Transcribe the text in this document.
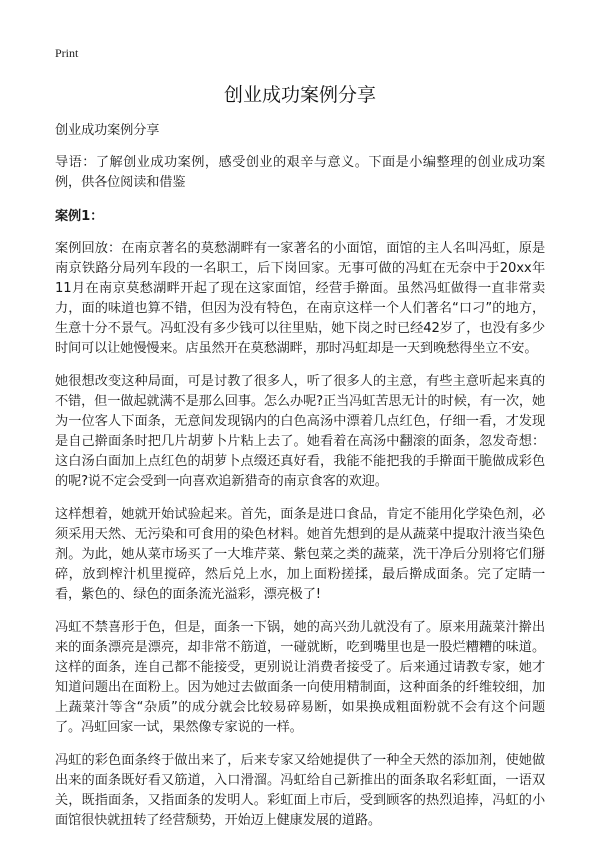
Print
创业成功案例分享

创业成功案例分享

导语：了解创业成功案例，感受创业的艰辛与意义。下面是小编整理的创业成功案例，供各位阅读和借鉴

案例1：

案例回放：在南京著名的莫愁湖畔有一家著名的小面馆，面馆的主人名叫冯虹，原是南京铁路分局列车段的一名职工，后下岗回家。无事可做的冯虹在无奈中于20xx年11月在南京莫愁湖畔开起了现在这家面馆，经营手擀面。虽然冯虹做得一直非常卖力，面的味道也算不错，但因为没有特色，在南京这样一个人们著名“口刁”的地方，生意十分不景气。冯虹没有多少钱可以往里贴，她下岗之时已经42岁了，也没有多少时间可以让她慢慢来。店虽然开在莫愁湖畔，那时冯虹却是一天到晚愁得坐立不安。

她很想改变这种局面，可是讨教了很多人，听了很多人的主意，有些主意听起来真的不错，但一做起就满不是那么回事。怎么办呢?正当冯虹苦思无计的时候，有一次，她为一位客人下面条，无意间发现锅内的白色高汤中漂着几点红色，仔细一看，才发现是自己擀面条时把几片胡萝卜片粘上去了。她看着在高汤中翻滚的面条，忽发奇想：这白汤白面加上点红色的胡萝卜点缀还真好看，我能不能把我的手擀面干脆做成彩色的呢?说不定会受到一向喜欢追新猎奇的南京食客的欢迎。

这样想着，她就开始试验起来。首先，面条是进口食品，肯定不能用化学染色剂，必须采用天然、无污染和可食用的染色材料。她首先想到的是从蔬菜中提取汁液当染色剂。为此，她从菜市场买了一大堆芹菜、紫包菜之类的蔬菜，洗干净后分别将它们掰碎，放到榨汁机里搅碎，然后兑上水，加上面粉搓揉，最后擀成面条。完了定睛一看，紫色的、绿色的面条流光溢彩，漂亮极了!

冯虹不禁喜形于色，但是，面条一下锅，她的高兴劲儿就没有了。原来用蔬菜汁擀出来的面条漂亮是漂亮，却非常不筋道，一碰就断，吃到嘴里也是一股烂糟糟的味道。这样的面条，连自己都不能接受，更别说让消费者接受了。后来通过请教专家，她才知道问题出在面粉上。因为她过去做面条一向使用精制面，这种面条的纤维较细，加上蔬菜汁等含“杂质”的成分就会比较易碎易断，如果换成粗面粉就不会有这个问题了。冯虹回家一试，果然像专家说的一样。

冯虹的彩色面条终于做出来了，后来专家又给她提供了一种全天然的添加剂，使她做出来的面条既好看又筋道，入口滑溜。冯虹给自己新推出的面条取名彩虹面，一语双关，既指面条，又指面条的发明人。彩虹面上市后，受到顾客的热烈追捧，冯虹的小面馆很快就扭转了经营颓势，开始迈上健康发展的道路。
